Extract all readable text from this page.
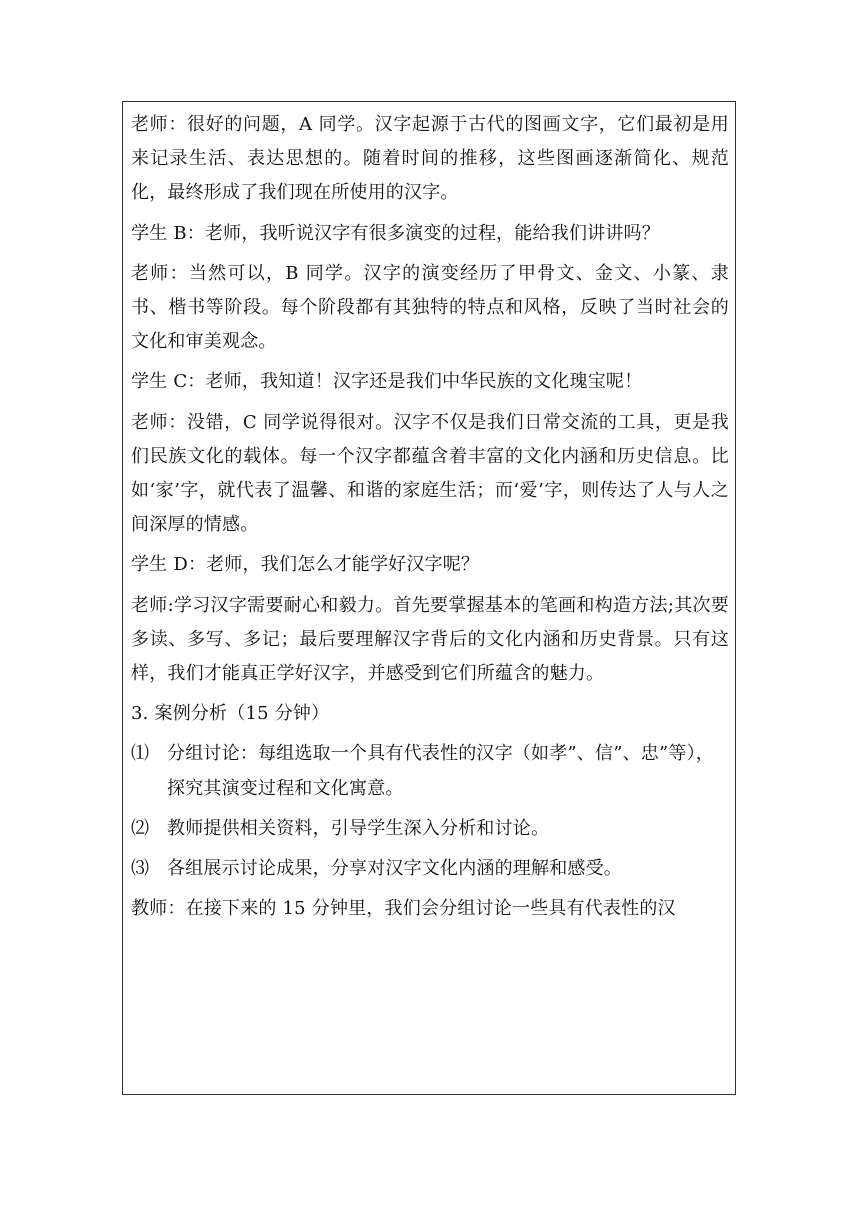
老师：很好的问题，A 同学。汉字起源于古代的图画文字，它们最初是用来记录生活、表达思想的。随着时间的推移，这些图画逐渐简化、规范化，最终形成了我们现在所使用的汉字。

学生 B：老师，我听说汉字有很多演变的过程，能给我们讲讲吗？

老师：当然可以，B 同学。汉字的演变经历了甲骨文、金文、小篆、隶书、楷书等阶段。每个阶段都有其独特的特点和风格，反映了当时社会的文化和审美观念。

学生 C：老师，我知道！汉字还是我们中华民族的文化瑰宝呢！

老师：没错，C 同学说得很对。汉字不仅是我们日常交流的工具，更是我们民族文化的载体。每一个汉字都蕴含着丰富的文化内涵和历史信息。比如‘家’字，就代表了温馨、和谐的家庭生活；而‘爱’字，则传达了人与人之间深厚的情感。

学生 D：老师，我们怎么才能学好汉字呢？

老师:学习汉字需要耐心和毅力。首先要掌握基本的笔画和构造方法;其次要多读、多写、多记；最后要理解汉字背后的文化内涵和历史背景。只有这样，我们才能真正学好汉字，并感受到它们所蕴含的魅力。

3. 案例分析（15 分钟）

⑴ 分组讨论：每组选取一个具有代表性的汉字（如孝”、信”、忠”等），探究其演变过程和文化寓意。

⑵ 教师提供相关资料，引导学生深入分析和讨论。

⑶ 各组展示讨论成果，分享对汉字文化内涵的理解和感受。

教师：在接下来的 15 分钟里，我们会分组讨论一些具有代表性的汉
